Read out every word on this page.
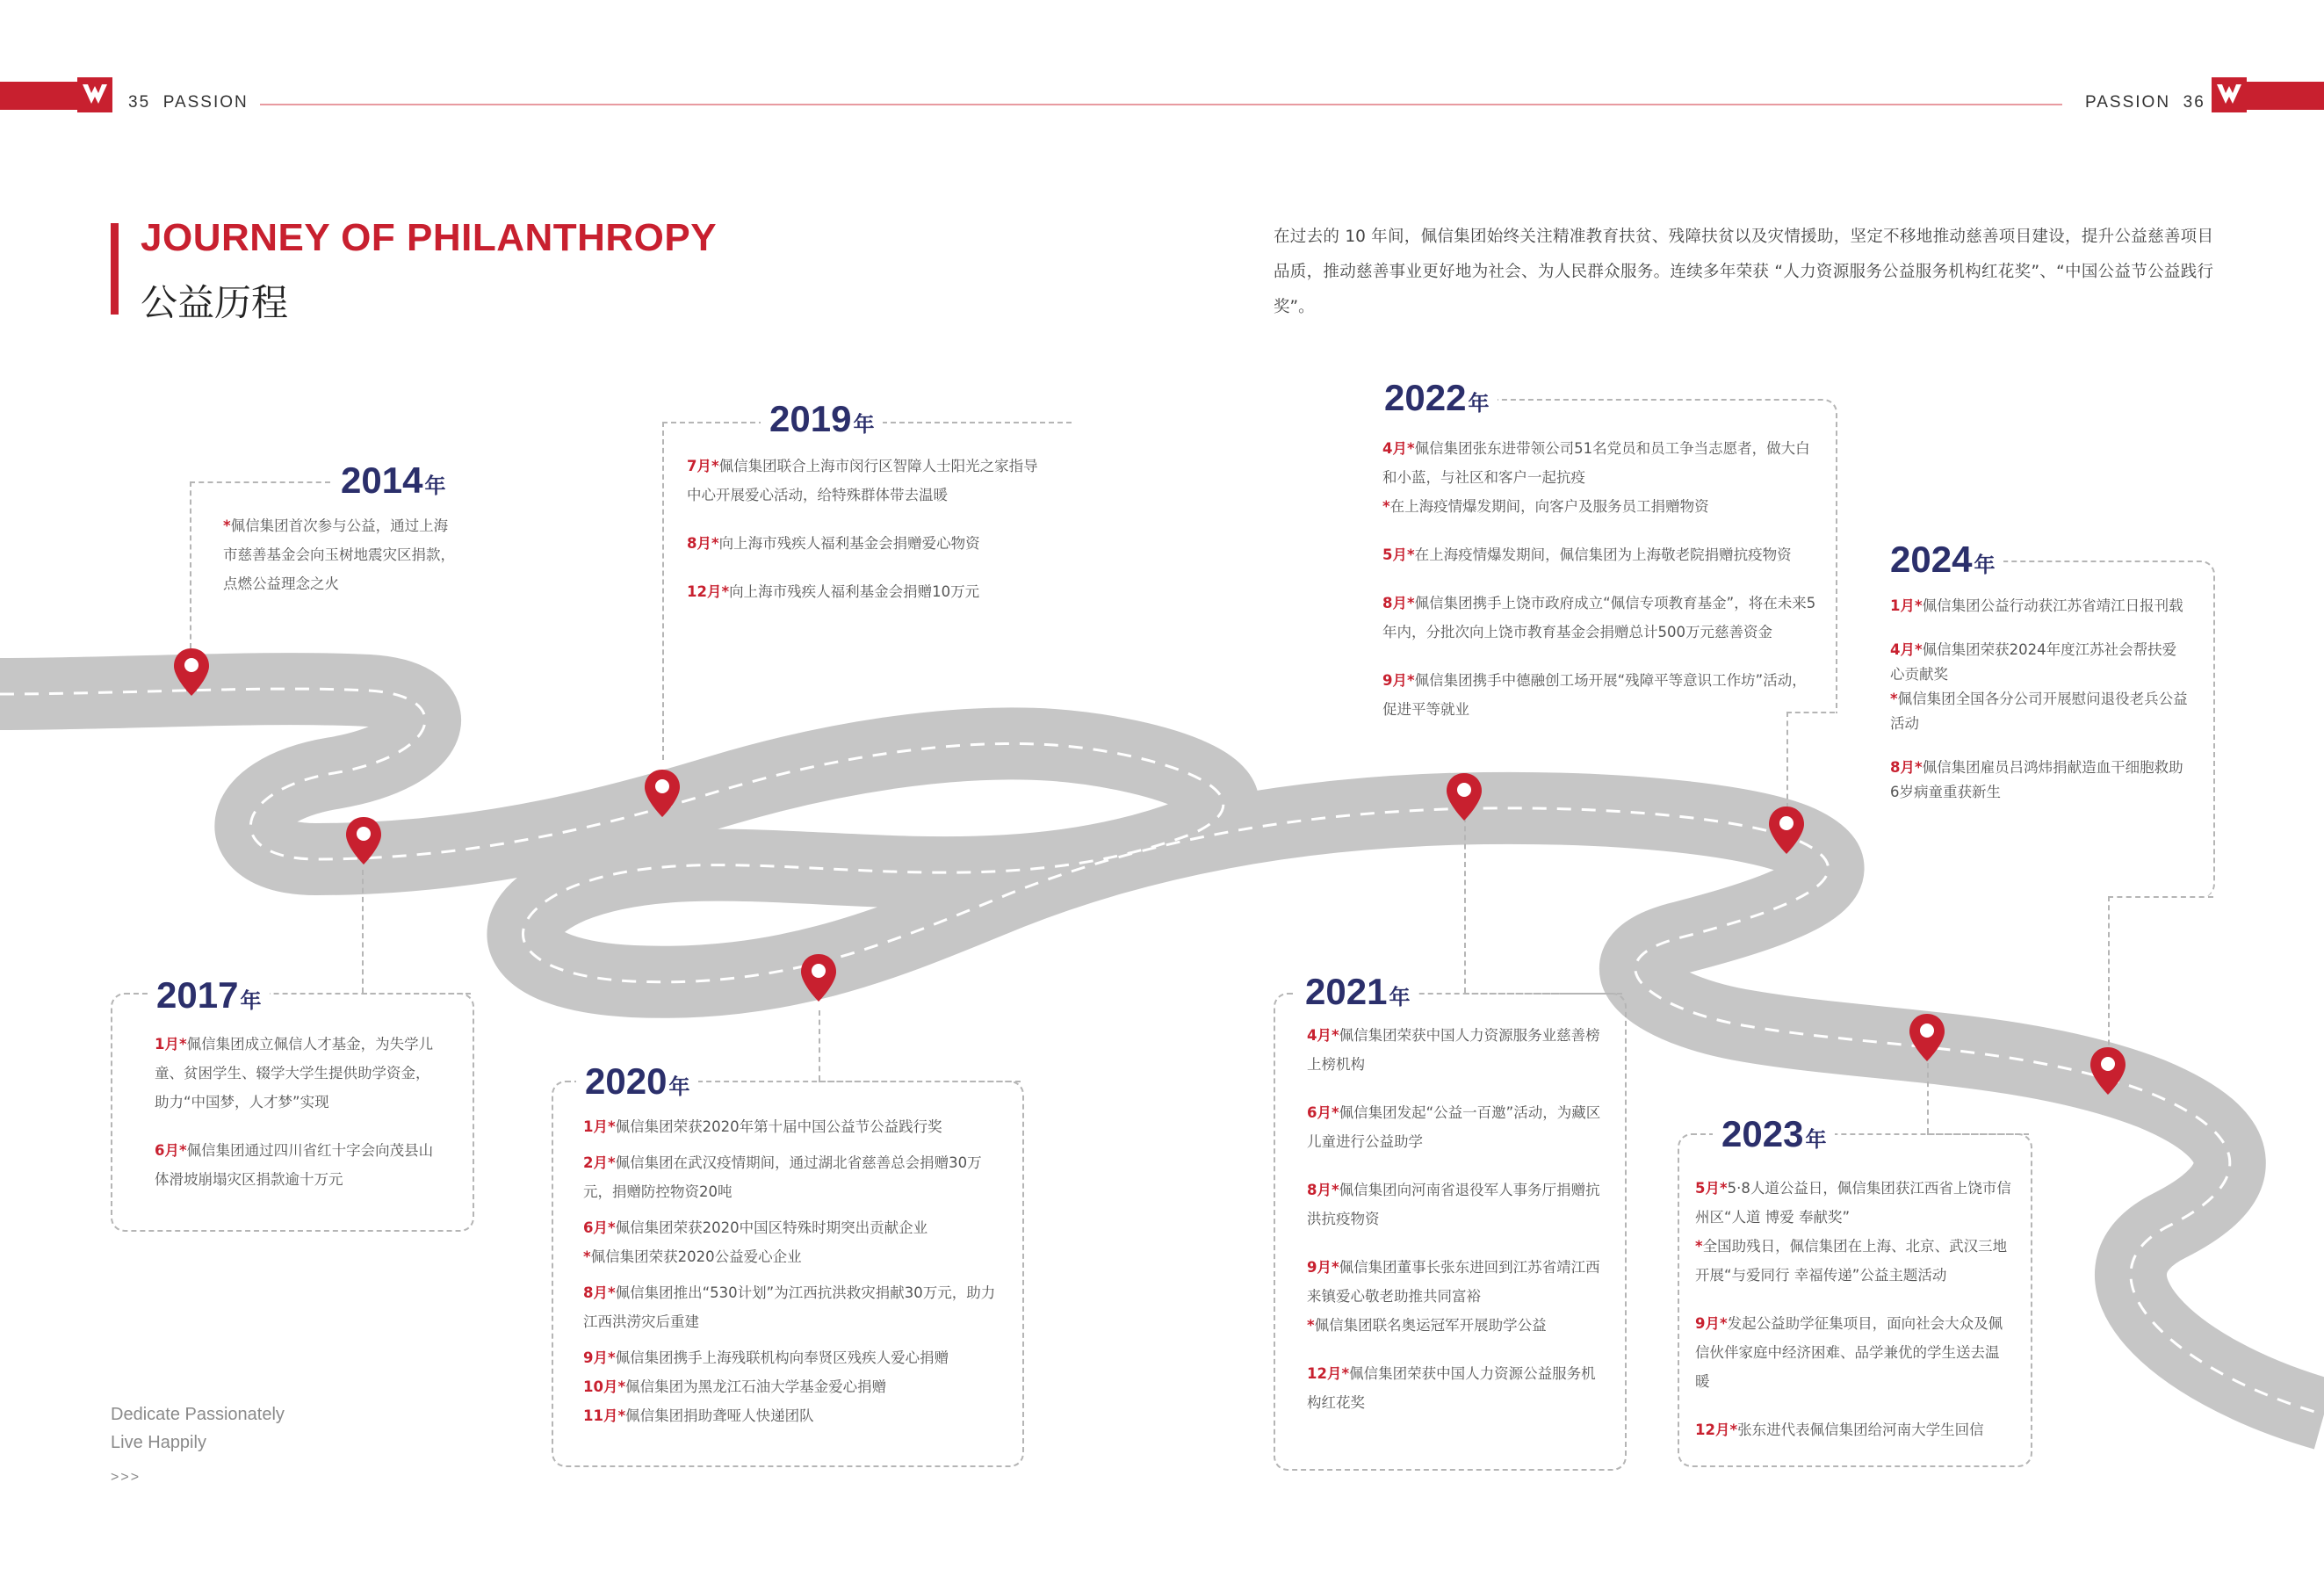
35 PASSION	PASSION 36
JOURNEY OF PHILANTHROPY
公益历程
在过去的 10 年间，佩信集团始终关注精准教育扶贫、残障扶贫以及灾情援助，坚定不移地推动慈善项目建设，提升公益慈善项目品质，推动慈善事业更好地为社会、为人民群众服务。连续多年荣获 “人力资源服务公益服务机构红花奖”、“中国公益节公益践行奖”。
2014年
2017年
2019年
2020年
2021年
2022年
2023年
2024年
*佩信集团首次参与公益，通过上海市慈善基金会向玉树地震灾区捐款，点燃公益理念之火
1月*佩信集团成立佩信人才基金，为失学儿童、贫困学生、辍学大学生提供助学资金，助力“中国梦，人才梦”实现
6月*佩信集团通过四川省红十字会向茂县山体滑坡崩塌灾区捐款逾十万元
7月*佩信集团联合上海市闵行区智障人士阳光之家指导中心开展爱心活动，给特殊群体带去温暖
8月*向上海市残疾人福利基金会捐赠爱心物资
12月*向上海市残疾人福利基金会捐赠10万元
1月*佩信集团荣获2020年第十届中国公益节公益践行奖
2月*佩信集团在武汉疫情期间，通过湖北省慈善总会捐赠30万元，捐赠防控物资20吨
6月*佩信集团荣获2020中国区特殊时期突出贡献企业
*佩信集团荣获2020公益爱心企业
8月*佩信集团推出“530计划”为江西抗洪救灾捐献30万元，助力江西洪涝灾后重建
9月*佩信集团携手上海残联机构向奉贤区残疾人爱心捐赠
10月*佩信集团为黑龙江石油大学基金爱心捐赠
11月*佩信集团捐助聋哑人快递团队
4月*佩信集团荣获中国人力资源服务业慈善榜上榜机构
6月*佩信集团发起“公益一百邀”活动，为藏区儿童进行公益助学
8月*佩信集团向河南省退役军人事务厅捐赠抗洪抗疫物资
9月*佩信集团董事长张东进回到江苏省靖江西来镇爱心敬老助推共同富裕
*佩信集团联名奥运冠军开展助学公益
12月*佩信集团荣获中国人力资源公益服务机构红花奖
4月*佩信集团张东进带领公司51名党员和员工争当志愿者，做大白和小蓝，与社区和客户一起抗疫
*在上海疫情爆发期间，向客户及服务员工捐赠物资
5月*在上海疫情爆发期间，佩信集团为上海敬老院捐赠抗疫物资
8月*佩信集团携手上饶市政府成立“佩信专项教育基金”，将在未来5年内，分批次向上饶市教育基金会捐赠总计500万元慈善资金
9月*佩信集团携手中德融创工场开展“残障平等意识工作坊”活动，促进平等就业
5月*5·8人道公益日，佩信集团获江西省上饶市信州区“人道 博爱 奉献奖”
*全国助残日，佩信集团在上海、北京、武汉三地开展“与爱同行 幸福传递”公益主题活动
9月*发起公益助学征集项目，面向社会大众及佩信伙伴家庭中经济困难、品学兼优的学生送去温暖
12月*张东进代表佩信集团给河南大学生回信
1月*佩信集团公益行动获江苏省靖江日报刊载
4月*佩信集团荣获2024年度江苏社会帮扶爱心贡献奖
*佩信集团全国各分公司开展慰问退役老兵公益活动
8月*佩信集团雇员吕鸿炜捐献造血干细胞救助6岁病童重获新生
Dedicate Passionately
Live Happily
>>>
